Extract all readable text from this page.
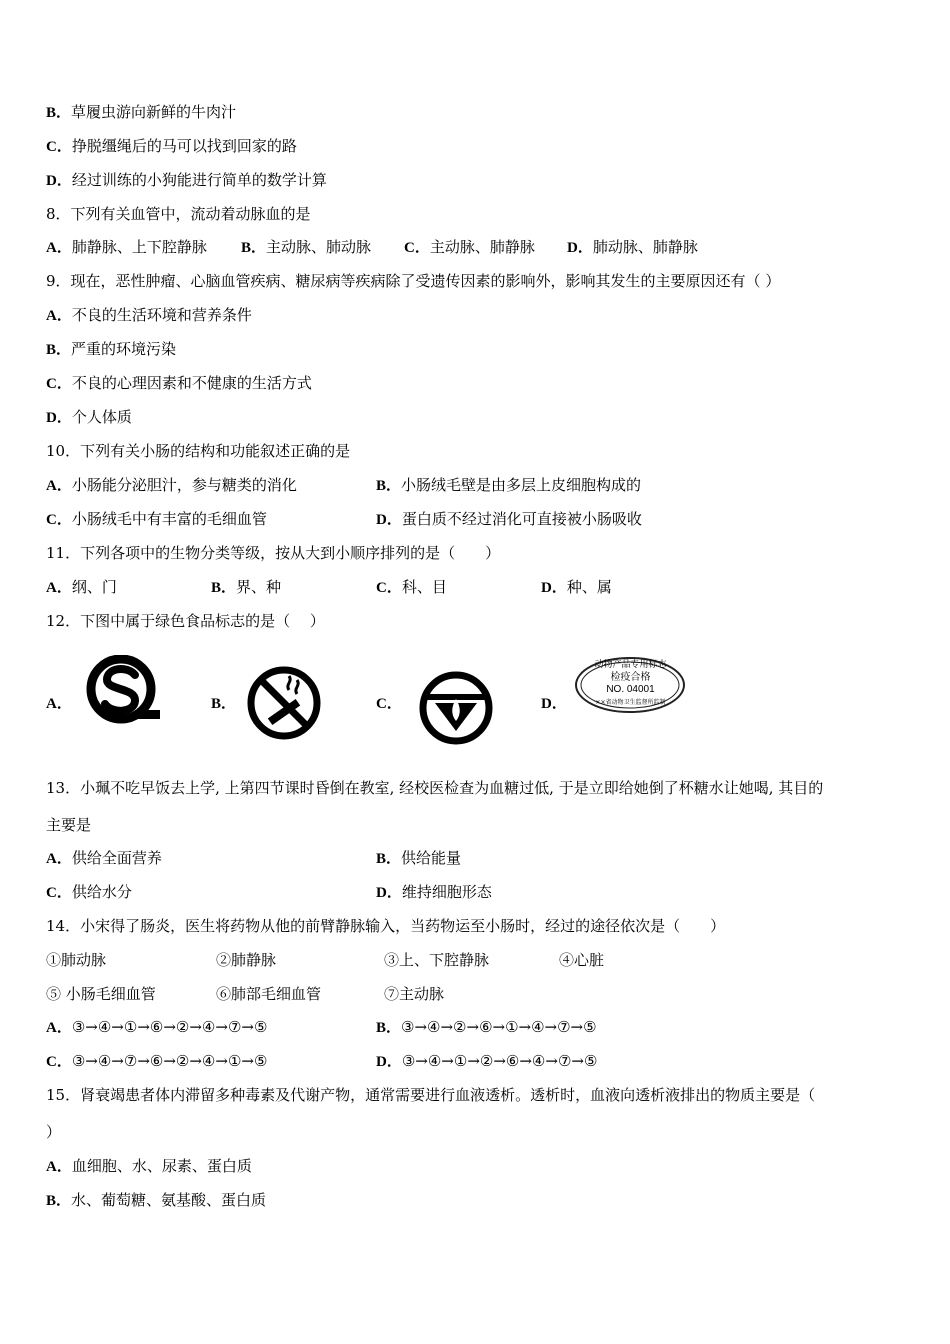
B．草履虫游向新鲜的牛肉汁
C．挣脱缰绳后的马可以找到回家的路
D．经过训练的小狗能进行简单的数学计算
8．下列有关血管中，流动着动脉血的是
A．肺静脉、上下腔静脉 B．主动脉、肺动脉 C．主动脉、肺静脉 D．肺动脉、肺静脉
9．现在，恶性肿瘤、心脑血管疾病、糖尿病等疾病除了受遗传因素的影响外，影响其发生的主要原因还有（ ）
A．不良的生活环境和营养条件
B．严重的环境污染
C．不良的心理因素和不健康的生活方式
D．个人体质
10．下列有关小肠的结构和功能叙述正确的是
A．小肠能分泌胆汁，参与糖类的消化	B．小肠绒毛壁是由多层上皮细胞构成的
C．小肠绒毛中有丰富的毛细血管	D．蛋白质不经过消化可直接被小肠吸收
11．下列各项中的生物分类等级，按从大到小顺序排列的是（　　）
A．纲、门	B．界、种	C．科、目	D．种、属
12．下图中属于绿色食品标志的是（　 ）
A．	B．	C．	D．
动物产品专用标志
检疫合格
NO. 04001
××省动物卫生监督所监制
13．小珮不吃早饭去上学, 上第四节课时昏倒在教室, 经校医检查为血糖过低, 于是立即给她倒了杯糖水让她喝, 其目的
主要是
A．供给全面营养	B．供给能量
C．供给水分	D．维持细胞形态
14．小宋得了肠炎，医生将药物从他的前臂静脉输入，当药物运至小肠时，经过的途径依次是（　　）
①肺动脉	②肺静脉	③上、下腔静脉	④心脏
⑤ 小肠毛细血管	⑥肺部毛细血管	⑦主动脉
A．③→④→①→⑥→②→④→⑦→⑤	B．③→④→②→⑥→①→④→⑦→⑤
C．③→④→⑦→⑥→②→④→①→⑤	D．③→④→①→②→⑥→④→⑦→⑤
15．肾衰竭患者体内滞留多种毒素及代谢产物，通常需要进行血液透析。透析时，血液向透析液排出的物质主要是（
）
A．血细胞、水、尿素、蛋白质
B．水、葡萄糖、氨基酸、蛋白质
